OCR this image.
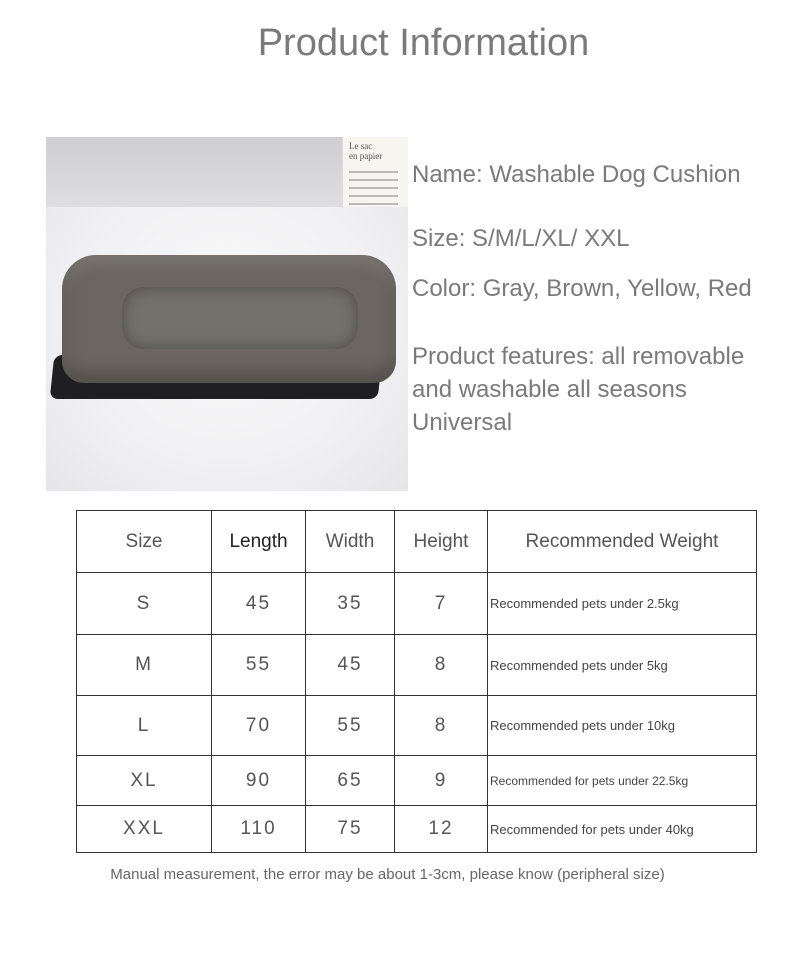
Product Information
Le sac
en papier
Name: Washable Dog Cushion
Size: S/M/L/XL/ XXL
Color: Gray, Brown, Yellow, Red
Product features: all removable and washable all seasons Universal
Size	Length	Width	Height	Recommended Weight
S	45	35	7	Recommended pets under 2.5kg
M	55	45	8	Recommended pets under 5kg
L	70	55	8	Recommended pets under 10kg
XL	90	65	9	Recommended for pets under 22.5kg
XXL	110	75	12	Recommended for pets under 40kg
Manual measurement, the error may be about 1-3cm, please know (peripheral size)
